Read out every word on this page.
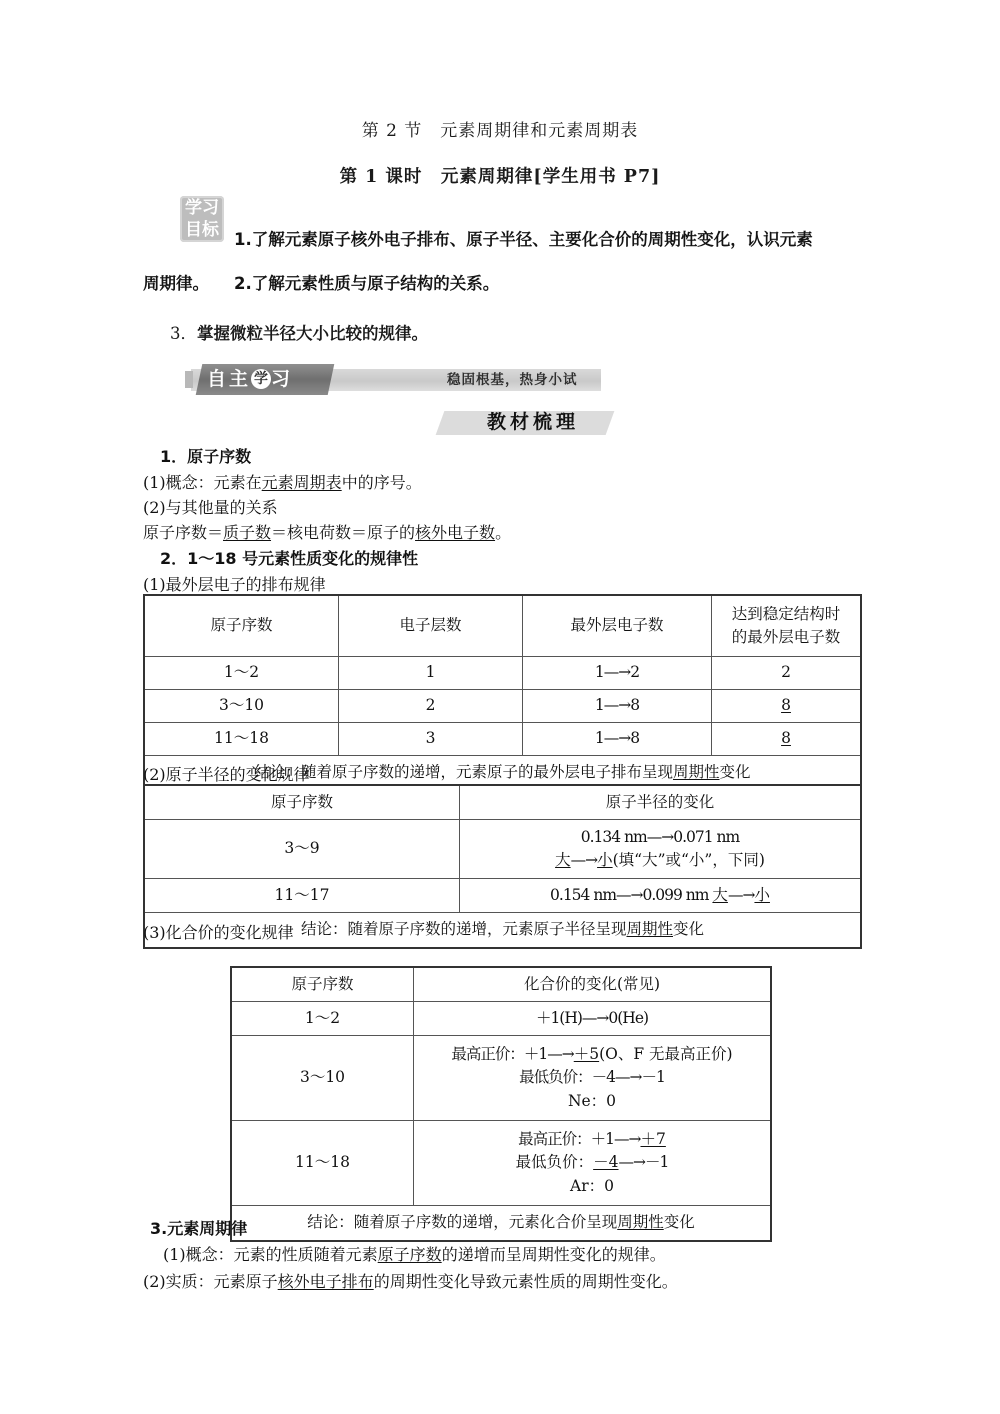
第 2 节　元素周期律和元素周期表
第 1 课时　元素周期律[学生用书 P7]
学习
目标 1.了解元素原子核外电子排布、原子半径、主要化合价的周期性变化，认识元素
周期律。 2.了解元素性质与原子结构的关系。
3．掌握微粒半径大小比较的规律。
自主 学 习	稳固根基，热身小试
教材梳理
1．原子序数
(1)概念：元素在元素周期表中的序号。
(2)与其他量的关系
原子序数＝质子数＝核电荷数＝原子的核外电子数。
2．1～18 号元素性质变化的规律性
(1)最外层电子的排布规律
原子序数	电子层数	最外层电子数	达到稳定结构时
的最外层电子数

1～2	1	1—→2	2
3～10	2	1—→8	8
11～18	3	1—→8	8
结论：随着原子序数的递增，元素原子的最外层电子排布呈现周期性变化			
(2)原子半径的变化规律
原子序数	原子半径的变化
3～9	0.134 nm—→0.071 nm
大—→小(填“大”或“小”，下同)

11～17	0.154 nm—→0.099 nm 大—→小
结论：随着原子序数的递增，元素原子半径呈现周期性变化	
(3)化合价的变化规律
原子序数	化合价的变化(常见)
1～2	＋1(H)—→0(He)
3～10	最高正价：＋1—→＋5(O、F 无最高正价)
最低负价：－4—→－1
Ne：0

11～18	最高正价：＋1—→＋7
最低负价：－4—→－1
Ar：0

结论：随着原子序数的递增，元素化合价呈现周期性变化	
3.元素周期律
(1)概念：元素的性质随着元素原子序数的递增而呈周期性变化的规律。
(2)实质：元素原子核外电子排布的周期性变化导致元素性质的周期性变化。
